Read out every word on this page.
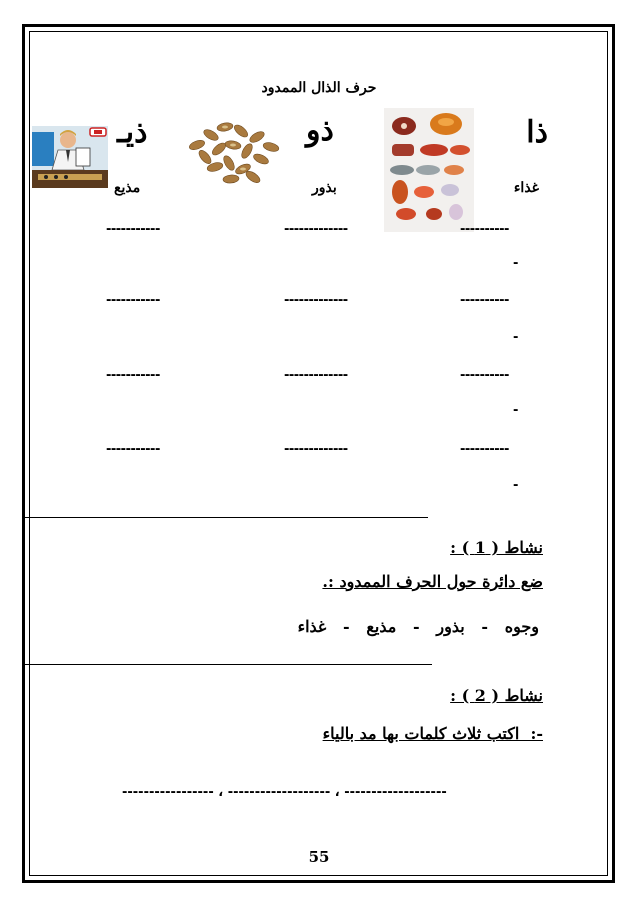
حرف الذال الممدود
ذا
ذو
ذيـ
غذاء
بذور
مذيع
----------
-------------
-----------
-
----------
-------------
-----------
-
----------
-------------
-----------
-
----------
-------------
-----------
-
نشاط ( 1 ) :
ضع دائرة حول الحرف الممدود :.
وجوه   -   بذور   -   مذيع   -   غذاء
نشاط ( 2 ) :
-:  اكتب ثلاث كلمات بها مد بالياء
----------------- ، ------------------- ، -------------------
55
